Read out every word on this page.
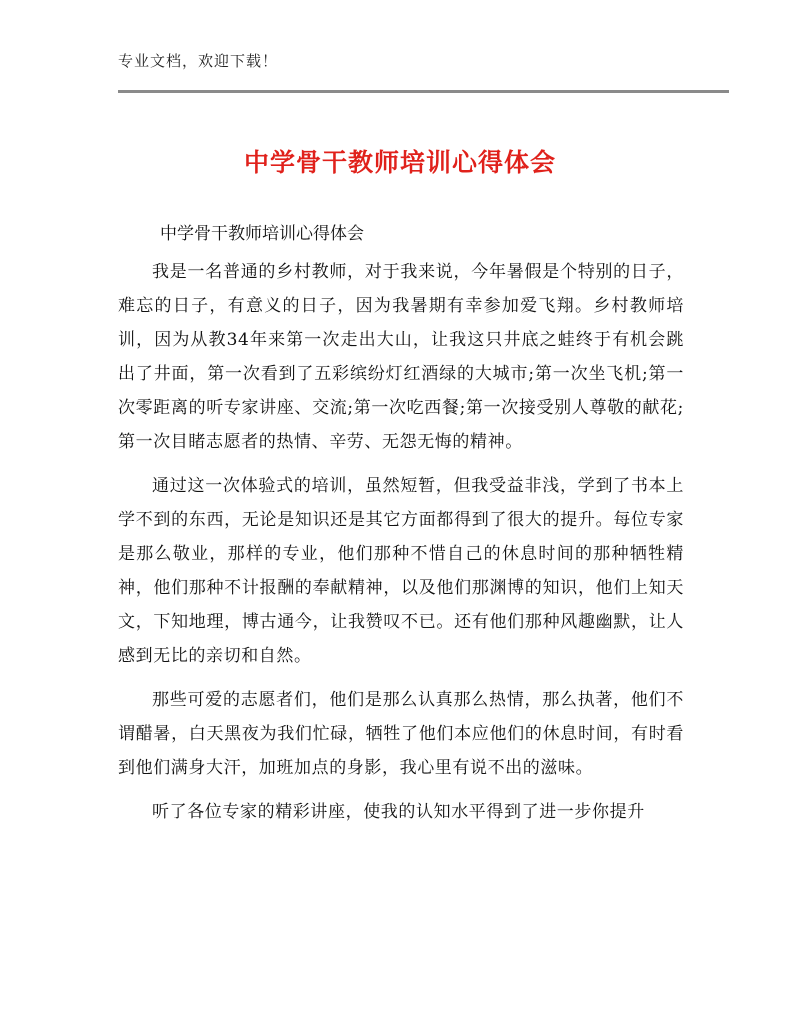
专业文档，欢迎下载！
中学骨干教师培训心得体会
中学骨干教师培训心得体会

我是一名普通的乡村教师，对于我来说，今年暑假是个特别的日子，难忘的日子，有意义的日子，因为我暑期有幸参加爱飞翔。乡村教师培训，因为从教34年来第一次走出大山，让我这只井底之蛙终于有机会跳出了井面，第一次看到了五彩缤纷灯红酒绿的大城市;第一次坐飞机;第一次零距离的听专家讲座、交流;第一次吃西餐;第一次接受别人尊敬的献花;第一次目睹志愿者的热情、辛劳、无怨无悔的精神。

通过这一次体验式的培训，虽然短暂，但我受益非浅，学到了书本上学不到的东西，无论是知识还是其它方面都得到了很大的提升。每位专家是那么敬业，那样的专业，他们那种不惜自己的休息时间的那种牺牲精神，他们那种不计报酬的奉献精神，以及他们那渊博的知识，他们上知天文，下知地理，博古通今，让我赞叹不已。还有他们那种风趣幽默，让人感到无比的亲切和自然。

那些可爱的志愿者们，他们是那么认真那么热情，那么执著，他们不谓醋暑，白天黑夜为我们忙碌，牺牲了他们本应他们的休息时间，有时看到他们满身大汗，加班加点的身影，我心里有说不出的滋味。

听了各位专家的精彩讲座，使我的认知水平得到了进一步你提升
